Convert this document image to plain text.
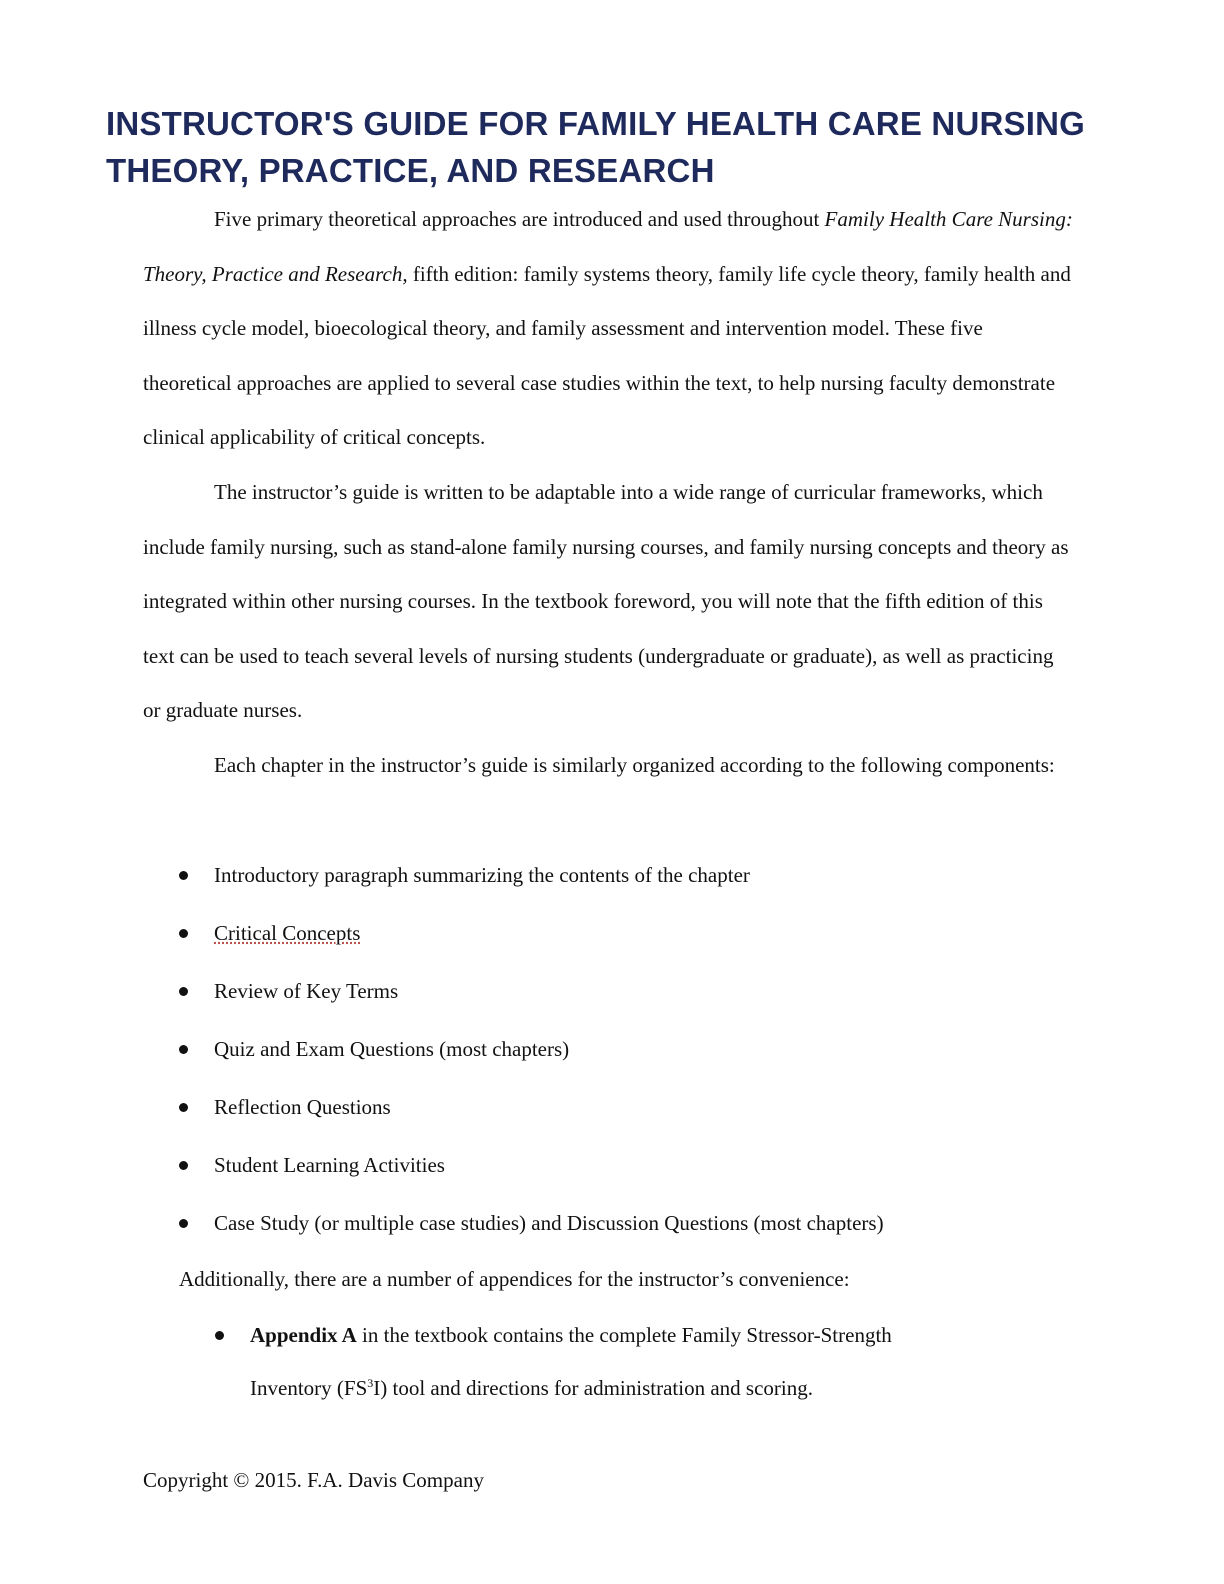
INSTRUCTOR'S GUIDE FOR FAMILY HEALTH CARE NURSING
THEORY, PRACTICE, AND RESEARCH

Five primary theoretical approaches are introduced and used throughout Family Health Care Nursing: Theory, Practice and Research, fifth edition: family systems theory, family life cycle theory, family health and illness cycle model, bioecological theory, and family assessment and intervention model. These five theoretical approaches are applied to several case studies within the text, to help nursing faculty demonstrate clinical applicability of critical concepts.

The instructor’s guide is written to be adaptable into a wide range of curricular frameworks, which include family nursing, such as stand-alone family nursing courses, and family nursing concepts and theory as integrated within other nursing courses. In the textbook foreword, you will note that the fifth edition of this text can be used to teach several levels of nursing students (undergraduate or graduate), as well as practicing or graduate nurses.

Each chapter in the instructor’s guide is similarly organized according to the following components:

Introductory paragraph summarizing the contents of the chapter
Critical Concepts
Review of Key Terms
Quiz and Exam Questions (most chapters)
Reflection Questions
Student Learning Activities
Case Study (or multiple case studies) and Discussion Questions (most chapters)

Additionally, there are a number of appendices for the instructor’s convenience:

Appendix A in the textbook contains the complete Family Stressor-Strength
Inventory $(FS^3I)$ tool and directions for administration and scoring.

Copyright © 2015. F.A. Davis Company
